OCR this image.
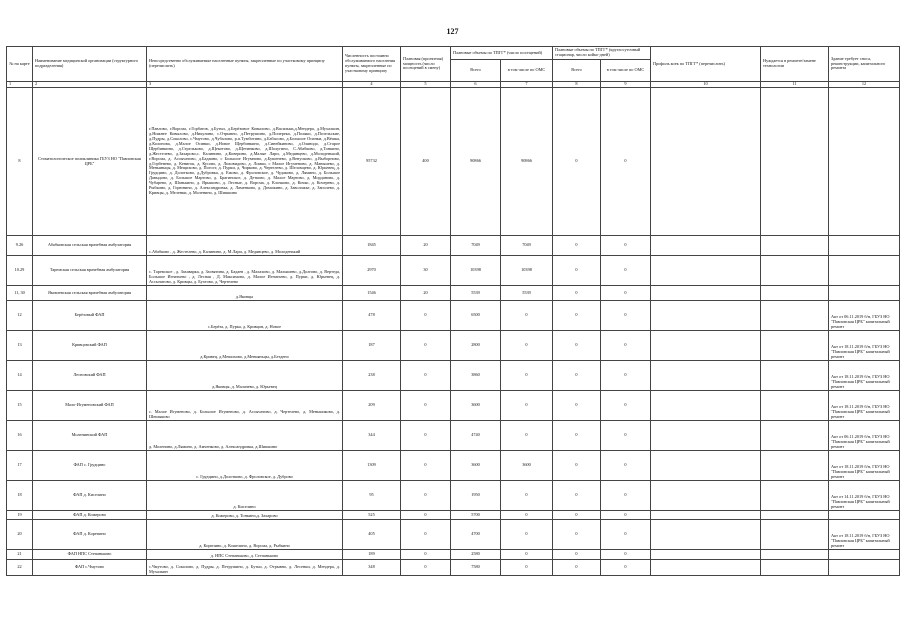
127
№ на карте	Наименование медицинской организации (структурного подразделения)	Непосредственно обслуживаемые населенные пункты, закрепленные по участковому принципу (перечислить)	Численность постоянно обслуживаемого населения пункты, закрепленные по участковому принципу	Плановая (проектная) мощность (число посещений в смену)	Плановые объемы по ТПГГ* (число посещений)		Плановые объемы по ТПГГ* (круглосуточный стационар, число койко-дней)		Профиль коек по ТПГГ* (перечислить)	Нуждается в ремонте/замене технологии	Здание требует сноса, реконструкции, капитального ремонта
					Всего	в том числе по ОМС	Всего	в том числе по ОМС			
1	2	3	4	5	6	7	8	9	10	11	12
8	Стоматологическое поликлиника ГБУЗ НО "Павловская ЦРБ"	г.Павлово, г.Ворсма, г.Горбатов, д.Бутьи, д.Берёзовое Ковылово, д.Васильки,д.Мендера, д.Мухалкин, д.Нижнее Ковылово, д.Никулино, с.Отрывно, д.Петрушино, д.Поперека, д.Поляки, д.Позельские, д.Пудры, д.Соколово, с.Чмутово, д.Чубалово, р.п.Тумботино, д.Бабасово, д.Большое Осинки, д.Вёшка, д.Колонова, д.Малое Осинки, д.Новое Щербинкино, д.Синейкиново, д.Олянидо, д.Старое Щербинкино, д.Стрельково, д.Щекотово, д.Щетинково, д.Шолугино, С.Абабково, д.Тонкино, д.Жестелево, д.Захарово,с. Калинино, д.Коверино, д.Малые Лари, д.Медянцево, д.Молоденький, г.Ворсма, д. Ассычатово, д.Бадаино, с Большое Игумново, д.Бушенево, д.Венусково, д.Выборново, д.Горбенево, д. Кенигок, д. Кусово, д. Лиховидово, д. Ломки, с Малое Игуменово, д. Маньшево, д. Меньяньцы, д. Мещихово, д. Погост, д. Пурки, д. Чирково, д. Чертелево, д. Шеломцево, д. Юрьевец, д. Грудцино, д. Долотково, д.Дубровка, д. Ежово, д. Фроловское, д. Чудаково, д. Лямино, д. Большое Давыдово, д. Большое Мартово, д. Брагинское, д. Детково, д. Малое Мартово, д. Морданово, д. Чубарево, д. Шанькино, д. Ярышово, д. Лесные, д. Ворсма, д. Клочково, д. Кочко, д. Кочерево, д. Рыбкино, д. Горюнино, д. Александровка, д. Ламенково, д. Доможино, д. Заволожье, д. Заполево, д. Кривцы, д. Меленки, д. Моленино, д. Шишкино	95732	400	90866	90866	0	0			
9.26	Абабковская сельская врачебная амбулатория	с.Абабково , д. Жестелево, д. Калинино, д. М.Лари, д. Медянцево, д. Молоденький	1845	20	7049	7049	0	0			
10.29	Таремская сельская врачебная амбулатория	с. Таремское , д. Захаварка, д. Засвятина, д. Бадаев , д. Малахово, д. Малышево, д.Долгово, д. Вертеда, Большое Игнатьево , д. Лесная , Д. Максимово, д. Малое Игнатьево, д. Пурки, д. Юрьевец, д. Ассычатово, д. Кривцы, д. Бухтово, д. Чертелево	2970	30	10398	10398	0	0			
11, 30	Яковлевская сельская врачебная амбулатория	д.Яковцы	1546	20	5539	5539	0	0			
12	Берёзовый ФАП	с.Берёза, д. Пурка, д. Кривцов, д. Новое	478	0	6500	0	0	0			Акт от 06.11.2019 б/н, ГБУЗ НО "Павловская ЦРБ" капитальный ремонт
13	Кривцовский ФАП	д.Кривец, д.Мешихово, д.Меньяньцы, д.Бездено	187	0	2800	0	0	0			Акт от 18.11.2019 б/н, ГБУЗ НО "Павловская ЦРБ" капитальный ремонт
14	Лесновский ФАП	д.Яковцы, д. Малачево, д. Юрьевец	238	0	3860	0	0	0			Акт от 18.11.2019 б/н, ГБУЗ НО "Павловская ЦРБ" капитальный ремонт
15	Мало-Игуменовский ФАП	с. Малое Игуменово, д. Большое Игуменово, д. Ассычатово, д. Чертелево, д. Меньшиково, д. Шешыково	209	0	3600	0	0	0			Акт от 18.11.2019 б/н, ГБУЗ НО "Павловская ЦРБ" капитальный ремонт
16	Моленинский ФАП	д. Моленино, д.Лямино, д. Амченково, д. Александровка, д.Шишкино	344	0	4740	0	0	0			Акт от 06.11.2019 б/н, ГБУЗ НО "Павловская ЦРБ" капитальный ремонт
17	ФАП с. Грудцино	с. Грудцино, д.Долотково, д. Фроловское, д. Дуброво	1309	0	3600	3600	0	0			Акт от 18.11.2019 б/н, ГБУЗ НО "Павловская ЦРБ" капитальный ремонт
18	ФАП д. Киселино	д. Киселино	95	0	1950	0	0	0			Акт от 14.11.2019 б/н, ГБУЗ НО "Павловская ЦРБ" капитальный ремонт
19	ФАП д. Кожерово	д. Кожерово, д. Тонкино,д. Захарово	525	0	5700	0	0	0			
20	ФАП д. Корепино	д. Корепино, д. Кошелино, д. Ворсма, д. Рыбкино	405	0	4700	0	0	0			Акт от 18.11.2019 б/н, ГБУЗ НО "Павловская ЦРБ" капитальный ремонт
21	ФАП НПС Степаньково	д. НПС Степаньково, д. Степаньково	189	0	2580	0	0	0			
22	ФАП с.Чмутово	с.Чмутово, д. Соколово, д. Пудры, д. Петрушино, д. Бутьи, д. Отрывно, д. Лесенки, д. Мендера, д. Мухалкин	348	0	7580	0	0	0			
